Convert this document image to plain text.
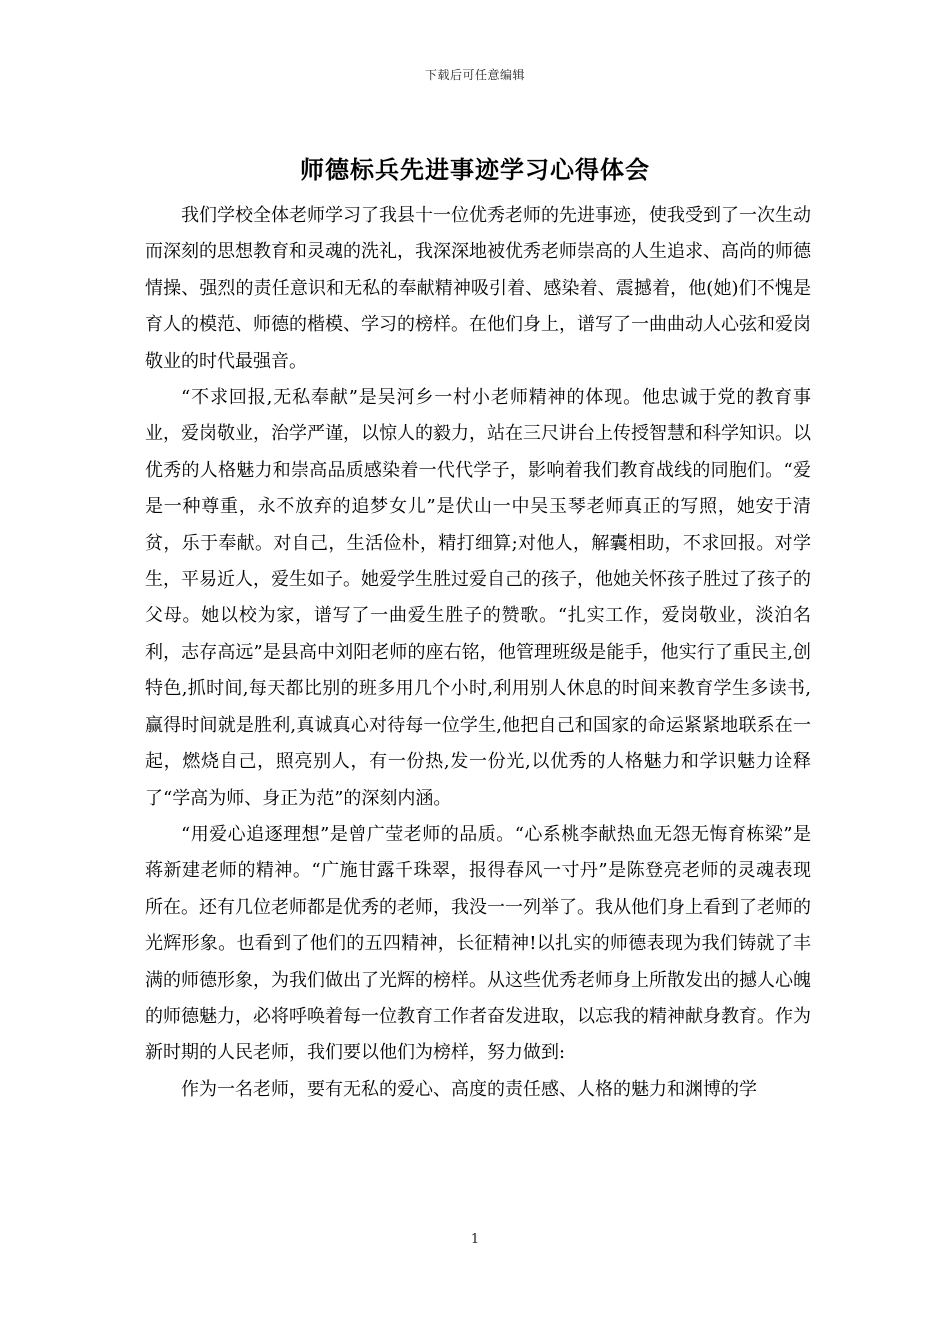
下载后可任意编辑
师德标兵先进事迹学习心得体会

我们学校全体老师学习了我县十一位优秀老师的先进事迹，使我受到了一次生动而深刻的思想教育和灵魂的洗礼，我深深地被优秀老师崇高的人生追求、高尚的师德情操、强烈的责任意识和无私的奉献精神吸引着、感染着、震撼着，他(她)们不愧是育人的模范、师德的楷模、学习的榜样。在他们身上，谱写了一曲曲动人心弦和爱岗敬业的时代最强音。

“不求回报,无私奉献”是吴河乡一村小老师精神的体现。他忠诚于党的教育事业，爱岗敬业，治学严谨，以惊人的毅力，站在三尺讲台上传授智慧和科学知识。以优秀的人格魅力和崇高品质感染着一代代学子，影响着我们教育战线的同胞们。“爱是一种尊重，永不放弃的追梦女儿”是伏山一中吴玉琴老师真正的写照，她安于清贫，乐于奉献。对自己，生活俭朴，精打细算;对他人，解囊相助，不求回报。对学生，平易近人，爱生如子。她爱学生胜过爱自己的孩子，他她关怀孩子胜过了孩子的父母。她以校为家，谱写了一曲爱生胜子的赞歌。“扎实工作，爱岗敬业，淡泊名利，志存高远”是县高中刘阳老师的座右铭，他管理班级是能手，他实行了重民主,创特色,抓时间,每天都比别的班多用几个小时,利用别人休息的时间来教育学生多读书,赢得时间就是胜利,真诚真心对待每一位学生,他把自己和国家的命运紧紧地联系在一起，燃烧自己，照亮别人，有一份热,发一份光,以优秀的人格魅力和学识魅力诠释了“学高为师、身正为范”的深刻内涵。

“用爱心追逐理想”是曾广莹老师的品质。“心系桃李献热血无怨无悔育栋梁”是蒋新建老师的精神。“广施甘露千珠翠，报得春风一寸丹”是陈登亮老师的灵魂表现所在。还有几位老师都是优秀的老师，我没一一列举了。我从他们身上看到了老师的光辉形象。也看到了他们的五四精神，长征精神!以扎实的师德表现为我们铸就了丰满的师德形象，为我们做出了光辉的榜样。从这些优秀老师身上所散发出的撼人心魄的师德魅力，必将呼唤着每一位教育工作者奋发进取，以忘我的精神献身教育。作为新时期的人民老师，我们要以他们为榜样，努力做到:

作为一名老师，要有无私的爱心、高度的责任感、人格的魅力和渊博的学

1
